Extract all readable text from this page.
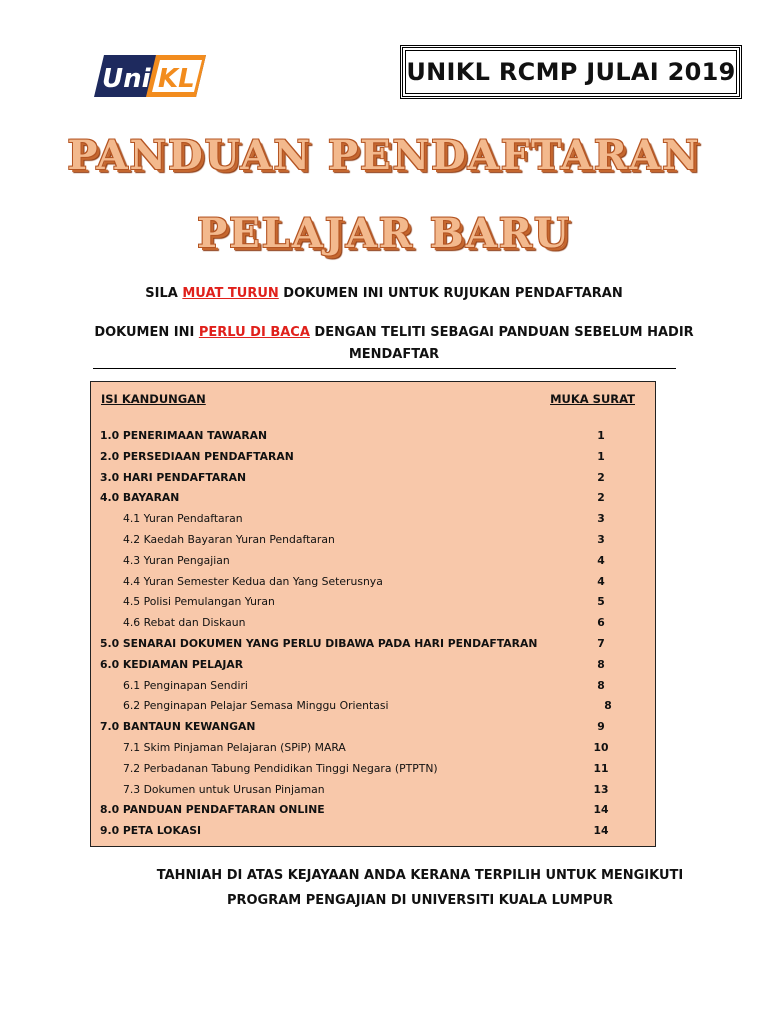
Uni KL	UNIKL RCMP JULAI 2019
PANDUAN PENDAFTARAN
PELAJAR BARU
SILA MUAT TURUN DOKUMEN INI UNTUK RUJUKAN PENDAFTARAN
DOKUMEN INI PERLU DI BACA DENGAN TELITI SEBAGAI PANDUAN SEBELUM HADIR MENDAFTAR
ISI KANDUNGAN	MUKA SURAT
1.0 PENERIMAAN TAWARAN	1
2.0 PERSEDIAAN PENDAFTARAN	1
3.0 HARI PENDAFTARAN	2
4.0 BAYARAN	2
4.1 Yuran Pendaftaran	3
4.2 Kaedah Bayaran Yuran Pendaftaran	3
4.3 Yuran Pengajian	4
4.4 Yuran Semester Kedua dan Yang Seterusnya	4
4.5 Polisi Pemulangan Yuran	5
4.6 Rebat dan Diskaun	6
5.0 SENARAI DOKUMEN YANG PERLU DIBAWA PADA HARI PENDAFTARAN	7
6.0 KEDIAMAN PELAJAR	8
6.1 Penginapan Sendiri	8
6.2 Penginapan Pelajar Semasa Minggu Orientasi	8
7.0 BANTAUN KEWANGAN	9
7.1 Skim Pinjaman Pelajaran (SPiP) MARA	10
7.2 Perbadanan Tabung Pendidikan Tinggi Negara (PTPTN)	11
7.3 Dokumen untuk Urusan Pinjaman	13
8.0 PANDUAN PENDAFTARAN ONLINE	14
9.0 PETA LOKASI	14
TAHNIAH DI ATAS KEJAYAAN ANDA KERANA TERPILIH UNTUK MENGIKUTI
PROGRAM PENGAJIAN DI UNIVERSITI KUALA LUMPUR
